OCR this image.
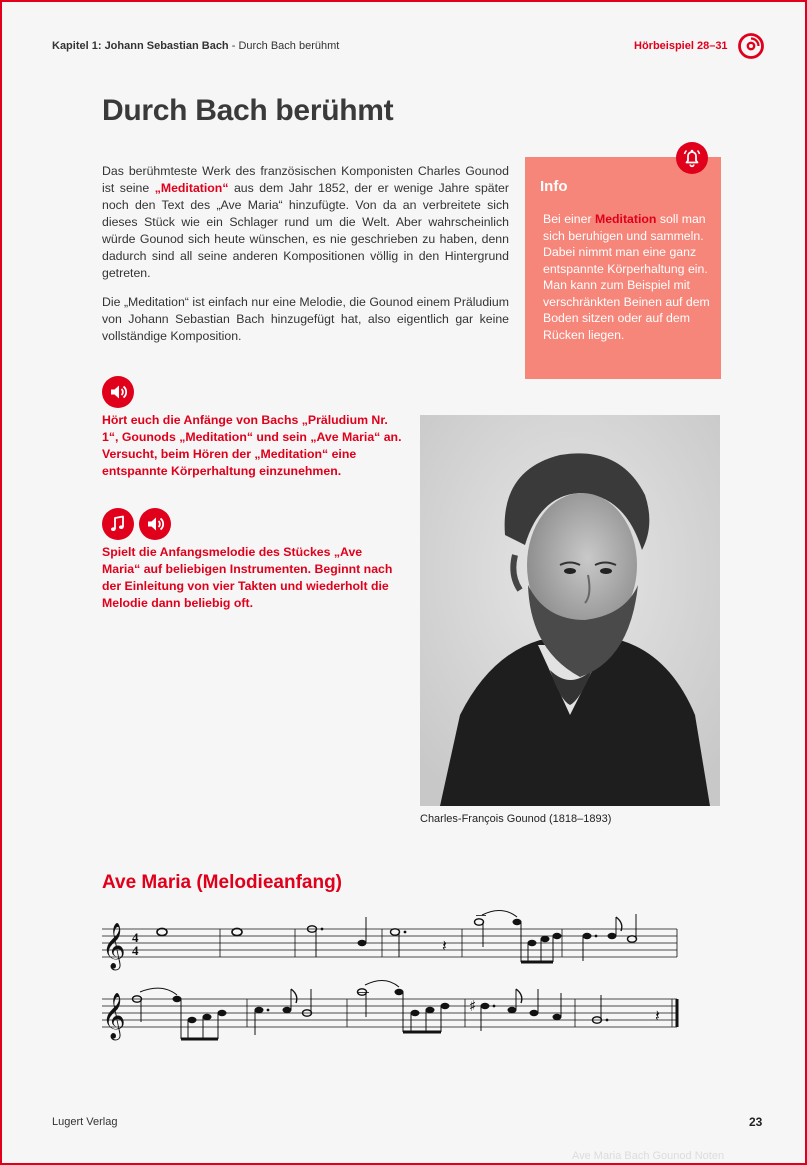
Kapitel 1: Johann Sebastian Bach - Durch Bach berühmt	Hörbeispiel 28–31
Durch Bach berühmt

Das berühmteste Werk des französischen Komponisten Charles Gounod ist seine „Meditation“ aus dem Jahr 1852, der er wenige Jahre später noch den Text des „Ave Maria“ hinzufügte. Von da an verbreitete sich dieses Stück wie ein Schlager rund um die Welt. Aber wahrscheinlich würde Gounod sich heute wünschen, es nie geschrieben zu haben, denn dadurch sind all seine anderen Kompositionen völlig in den Hintergrund getreten.

Die „Meditation“ ist einfach nur eine Melodie, die Gounod einem Präludium von Johann Sebastian Bach hinzugefügt hat, also eigentlich gar keine vollständige Komposition.

Info
Bei einer Meditation soll man sich beruhigen und sammeln. Dabei nimmt man eine ganz entspannte Körperhaltung ein. Man kann zum Beispiel mit verschränkten Beinen auf dem Boden sitzen oder auf dem Rücken liegen.

Hört euch die Anfänge von Bachs „Präludium Nr. 1“, Gounods „Meditation“ und sein „Ave Maria“ an. Versucht, beim Hören der „Meditation“ eine entspannte Körperhaltung einzunehmen.

Spielt die Anfangsmelodie des Stückes „Ave Maria“ auf beliebigen Instrumenten. Beginnt nach der Einleitung von vier Takten und wiederholt die Melodie dann beliebig oft.

Charles-François Gounod (1818–1893)
Ave Maria (Melodieanfang)
𝄞 4
4	𝄽
𝄞	♯	𝄽
Lugert Verlag	23
Ave Maria Bach Gounod Noten
